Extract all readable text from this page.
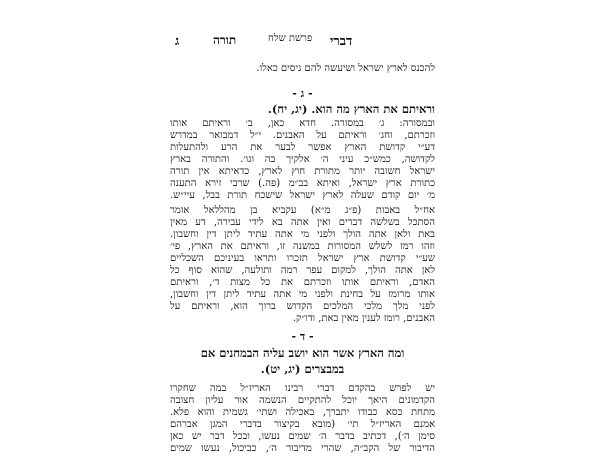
ג	תורה	פרשת שלח דברי
להכנס לארץ ישראל ושיעשה להם ניסים כאלו.
- ג -
וראיתם את הארץ מה הוא. (יג, יח).
ובמסורה: ג׳ במסורה. חדא כאן, ב׳ וראיתם אותו
וזכרתם, וחג׳ וראיתם על האבנים. י״ל דמבואר במדרש
דע״י קדושת הארץ אפשר לבער את הרע ולהתעלות
לקדושה, כמש״כ עיני ה׳ אלקיך בה וגו׳. והתורה בארץ
ישראל חשובה יותר מתורת חוץ לארץ, כדאיתא אין תורה
כתורת ארץ ישראל, ואיתא בב״מ (פה.) שרבי זירא התענה
מ׳ יום קודם שעלה לארץ ישראל שישכח תורת בבל, עיי״ש.
אח״ל באבות (פ״ג מ״א) עקביא בן מהללאל אומר
הסתכל בשלשה דברים ואין אתה בא לידי עבירה, דע מאין
באת ולאן אתה הולך ולפני מי אתה עתיד ליתן דין וחשבון.
וזהו רמז לשלש המסורות במשנה זו, וראיתם את הארץ, פי׳
שע״י קדושת ארץ ישראל תזכרו ותראו בעיניכם השכליים
לאן אתה הולך, למקום עפר רמה ותולעה, שהוא סוף כל
האדם, וראיתם אותו וזכרתם את כל מצות ד׳, וראיתם
אותו מרומז על בחינת ולפני מי אתה עתיד ליתן דין וחשבון,
לפני מלך מלכי המלכים הקדוש ברוך הוא, וראיתם על
האבנים, רומז לענין מאין באת, ודו״ק.
- ד -
ומה הארץ אשר הוא יושב עליה הבמחנים אם
במבצרים (יג, יט).
יש לפרש בהקדם דברי רבינו האריז״ל במה שחקרו
הקדמונים היאך יוכל להתקיים הנשמה אור עליון חצובה
מתחת כסא כבודו יתברך, באכילה ושתי׳ גשמית והוא פלא.
אמנם האריז״ל תי׳ (מובא בקיצור בדברי המגן אברהם
סימן ה׳), דכתיב בדבר ה׳ שמים נעשו, ובכל דבר יש כאן
הדיבור של הקב״ה, שהרי מדיבור ה׳, כביכול, נעשו שמים
